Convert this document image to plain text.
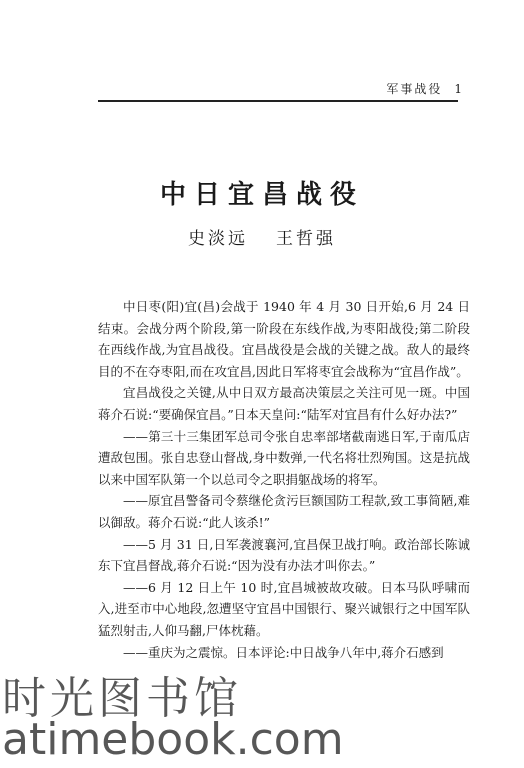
军事战役 1
中日宜昌战役
史淡远 王哲强

中日枣(阳)宜(昌)会战于 1940 年 4 月 30 日开始,6 月 24 日结束。会战分两个阶段,第一阶段在东线作战,为枣阳战役;第二阶段在西线作战,为宜昌战役。宜昌战役是会战的关键之战。敌人的最终目的不在夺枣阳,而在攻宜昌,因此日军将枣宜会战称为“宜昌作战”。

宜昌战役之关键,从中日双方最高决策层之关注可见一斑。中国蒋介石说:“要确保宜昌。”日本天皇问:“陆军对宜昌有什么好办法?”

——第三十三集团军总司令张自忠率部堵截南逃日军,于南瓜店遭敌包围。张自忠登山督战,身中数弹,一代名将壮烈殉国。这是抗战以来中国军队第一个以总司令之职捐躯战场的将军。

——原宜昌警备司令蔡继伦贪污巨额国防工程款,致工事简陋,难以御敌。蒋介石说:“此人该杀!”

——5 月 31 日,日军袭渡襄河,宜昌保卫战打响。政治部长陈诚东下宜昌督战,蒋介石说:“因为没有办法才叫你去。”

——6 月 12 日上午 10 时,宜昌城被故攻破。日本马队呼啸而入,进至市中心地段,忽遭坚守宜昌中国银行、聚兴诚银行之中国军队猛烈射击,人仰马翻,尸体枕藉。

——重庆为之震惊。日本评论:中日战争八年中,蒋介石感到

时光图书馆
atimebook.com
